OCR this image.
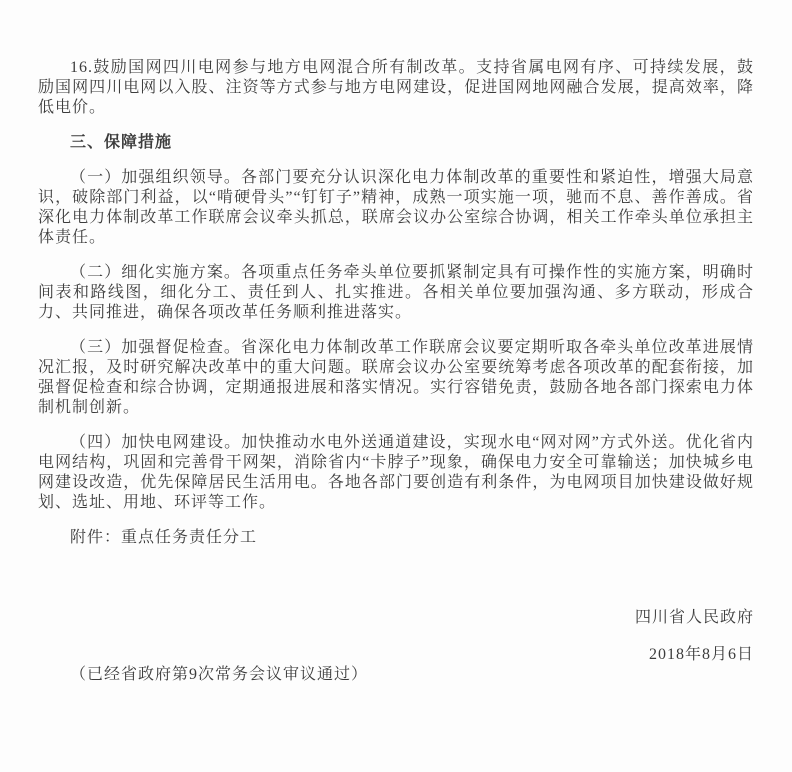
16.鼓励国网四川电网参与地方电网混合所有制改革。支持省属电网有序、可持续发展，鼓励国网四川电网以入股、注资等方式参与地方电网建设，促进国网地网融合发展，提高效率，降低电价。

三、保障措施

（一）加强组织领导。各部门要充分认识深化电力体制改革的重要性和紧迫性，增强大局意识，破除部门利益，以“啃硬骨头”“钉钉子”精神，成熟一项实施一项，驰而不息、善作善成。省深化电力体制改革工作联席会议牵头抓总，联席会议办公室综合协调，相关工作牵头单位承担主体责任。

（二）细化实施方案。各项重点任务牵头单位要抓紧制定具有可操作性的实施方案，明确时间表和路线图，细化分工、责任到人、扎实推进。各相关单位要加强沟通、多方联动，形成合力、共同推进，确保各项改革任务顺利推进落实。

（三）加强督促检查。省深化电力体制改革工作联席会议要定期听取各牵头单位改革进展情况汇报，及时研究解决改革中的重大问题。联席会议办公室要统筹考虑各项改革的配套衔接，加强督促检查和综合协调，定期通报进展和落实情况。实行容错免责，鼓励各地各部门探索电力体制机制创新。

（四）加快电网建设。加快推动水电外送通道建设，实现水电“网对网”方式外送。优化省内电网结构，巩固和完善骨干网架，消除省内“卡脖子”现象，确保电力安全可靠输送；加快城乡电网建设改造，优先保障居民生活用电。各地各部门要创造有利条件，为电网项目加快建设做好规划、选址、用地、环评等工作。

附件：重点任务责任分工

四川省人民政府
2018年8月6日

（已经省政府第9次常务会议审议通过）
